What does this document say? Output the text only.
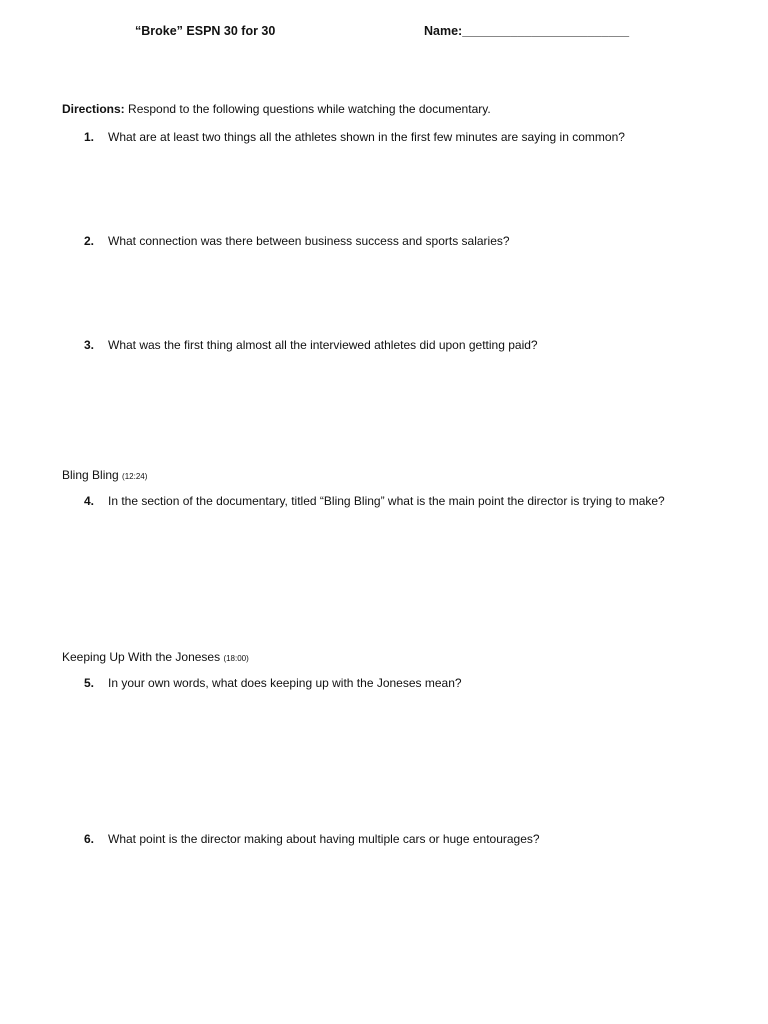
“Broke” ESPN 30 for 30	Name:________________________
Directions: Respond to the following questions while watching the documentary.
1. What are at least two things all the athletes shown in the first few minutes are saying in common?
2. What connection was there between business success and sports salaries?
3. What was the first thing almost all the interviewed athletes did upon getting paid?
Bling Bling (12:24)
4. In the section of the documentary, titled “Bling Bling” what is the main point the director is trying to make?
Keeping Up With the Joneses (18:00)
5. In your own words, what does keeping up with the Joneses mean?
6. What point is the director making about having multiple cars or huge entourages?
